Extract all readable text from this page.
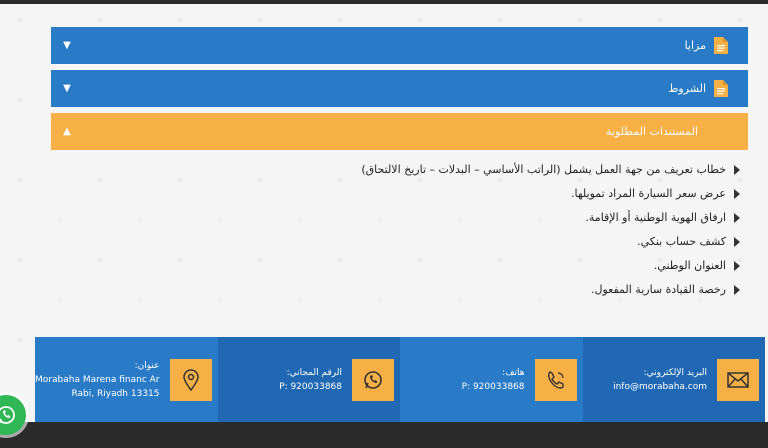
▼	مزايا
▼	الشروط
▲	المستندات المطلوبة
خطاب تعريف من جهة العمل يشمل (الراتب الأساسي – البدلات – تاريخ الالتحاق)
عرض سعر السيارة المراد تمويلها.
ارفاق الهوية الوطنية أو الإقامة.
كشف حساب بنكي.
العنوان الوطني.
رخصة القيادة سارية المفعول.
البريد الإلكتروني:
info@morabaha.com
هاتف:
P: 920033868
الرقم المجاني:
P: 920033868
عنوان:
Morabaha Marena financ Ar
Rabi, Riyadh 13315
